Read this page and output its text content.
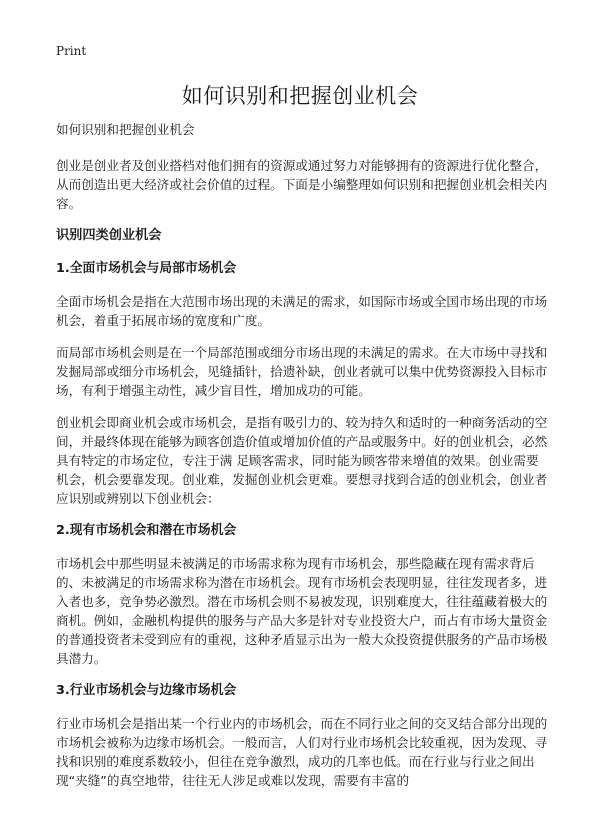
Print
如何识别和把握创业机会

如何识别和把握创业机会

创业是创业者及创业搭档对他们拥有的资源或通过努力对能够拥有的资源进行优化整合，从而创造出更大经济或社会价值的过程。下面是小编整理如何识别和把握创业机会相关内容。

识别四类创业机会
1.全面市场机会与局部市场机会

全面市场机会是指在大范围市场出现的未满足的需求，如国际市场或全国市场出现的市场机会，着重于拓展市场的宽度和广度。

而局部市场机会则是在一个局部范围或细分市场出现的未满足的需求。在大市场中寻找和发掘局部或细分市场机会，见缝插针，拾遗补缺，创业者就可以集中优势资源投入目标市场，有利于增强主动性，减少盲目性，增加成功的可能。

创业机会即商业机会或市场机会，是指有吸引力的、较为持久和适时的一种商务活动的空间，并最终体现在能够为顾客创造价值或增加价值的产品或服务中。好的创业机会，必然具有特定的市场定位，专注于满 足顾客需求，同时能为顾客带来增值的效果。创业需要机会，机会要靠发现。创业难，发掘创业机会更难。要想寻找到合适的创业机会，创业者应识别或辨别以下创业机会：

2.现有市场机会和潜在市场机会

市场机会中那些明显未被满足的市场需求称为现有市场机会，那些隐藏在现有需求背后的、未被满足的市场需求称为潜在市场机会。现有市场机会表现明显，往往发现者多，进入者也多，竞争势必激烈。潜在市场机会则不易被发现，识别难度大，往往蕴藏着极大的商机。例如，金融机构提供的服务与产品大多是针对专业投资大户，而占有市场大量资金的普通投资者未受到应有的重视，这种矛盾显示出为一般大众投资提供服务的产品市场极具潜力。

3.行业市场机会与边缘市场机会

行业市场机会是指出某一个行业内的市场机会，而在不同行业之间的交叉结合部分出现的市场机会被称为边缘市场机会。一般而言，人们对行业市场机会比较重视，因为发现、寻找和识别的难度系数较小，但往在竞争激烈，成功的几率也低。而在行业与行业之间出现“夹缝”的真空地带，往往无人涉足或难以发现，需要有丰富的
